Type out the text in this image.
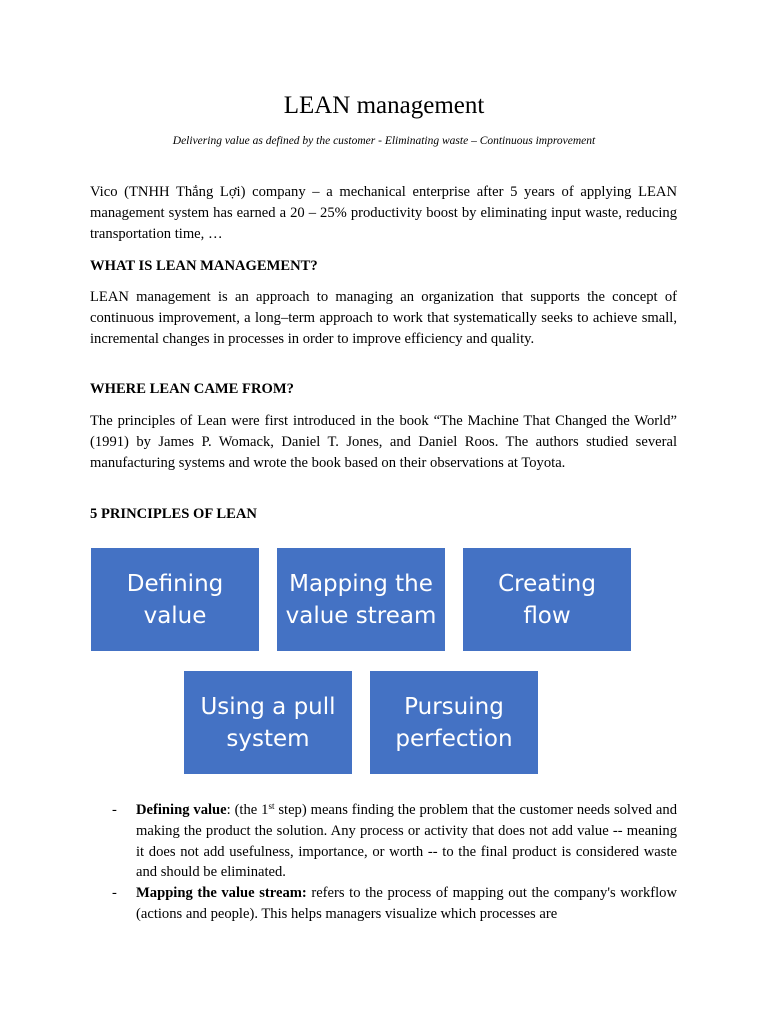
LEAN management
Delivering value as defined by the customer - Eliminating waste – Continuous improvement

Vico (TNHH Thắng Lợi) company – a mechanical enterprise after 5 years of applying LEAN management system has earned a 20 – 25% productivity boost by eliminating input waste, reducing transportation time, …

WHAT IS LEAN MANAGEMENT?

LEAN management is an approach to managing an organization that supports the concept of continuous improvement, a long–term approach to work that systematically seeks to achieve small, incremental changes in processes in order to improve efficiency and quality.

WHERE LEAN CAME FROM?

The principles of Lean were first introduced in the book “The Machine That Changed the World” (1991) by James P. Womack, Daniel T. Jones, and Daniel Roos. The authors studied several manufacturing systems and wrote the book based on their observations at Toyota.

5 PRINCIPLES OF LEAN

Defining value
Mapping the value stream
Creating flow
Using a pull system
Pursuing perfection
- Defining value: (the 1st step) means finding the problem that the customer needs solved and making the product the solution. Any process or activity that does not add value -- meaning it does not add usefulness, importance, or worth -- to the final product is considered waste and should be eliminated.
- Mapping the value stream: refers to the process of mapping out the company's workflow (actions and people). This helps managers visualize which processes are
